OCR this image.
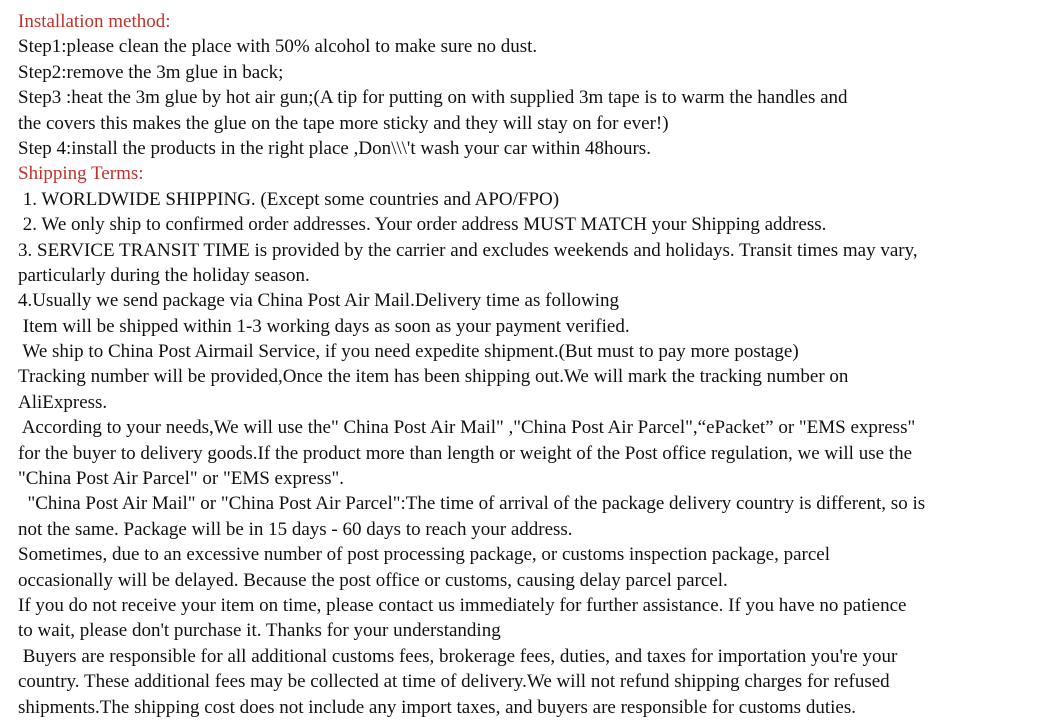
Installation method:
Step1:please clean the place with 50% alcohol to make sure no dust.
Step2:remove the 3m glue in back;
Step3 :heat the 3m glue by hot air gun;(A tip for putting on with supplied 3m tape is to warm the handles and
the covers this makes the glue on the tape more sticky and they will stay on for ever!)
Step 4:install the products in the right place ,Don\\\'t wash your car within 48hours.
Shipping Terms:
1. WORLDWIDE SHIPPING. (Except some countries and APO/FPO)
2. We only ship to confirmed order addresses. Your order address MUST MATCH your Shipping address.
3. SERVICE TRANSIT TIME is provided by the carrier and excludes weekends and holidays. Transit times may vary,
particularly during the holiday season.
4.Usually we send package via China Post Air Mail.Delivery time as following
Item will be shipped within 1-3 working days as soon as your payment verified.
We ship to China Post Airmail Service, if you need expedite shipment.(But must to pay more postage)
Tracking number will be provided,Once the item has been shipping out.We will mark the tracking number on
AliExpress.
According to your needs,We will use the" China Post Air Mail" ,"China Post Air Parcel",“ePacket” or "EMS express"
for the buyer to delivery goods.If the product more than length or weight of the Post office regulation, we will use the
"China Post Air Parcel" or "EMS express".
"China Post Air Mail" or "China Post Air Parcel":The time of arrival of the package delivery country is different, so is
not the same. Package will be in 15 days - 60 days to reach your address.
Sometimes, due to an excessive number of post processing package, or customs inspection package, parcel
occasionally will be delayed. Because the post office or customs, causing delay parcel parcel.
If you do not receive your item on time, please contact us immediately for further assistance. If you have no patience
to wait, please don't purchase it. Thanks for your understanding
Buyers are responsible for all additional customs fees, brokerage fees, duties, and taxes for importation you're your
country. These additional fees may be collected at time of delivery.We will not refund shipping charges for refused
shipments.The shipping cost does not include any import taxes, and buyers are responsible for customs duties.
